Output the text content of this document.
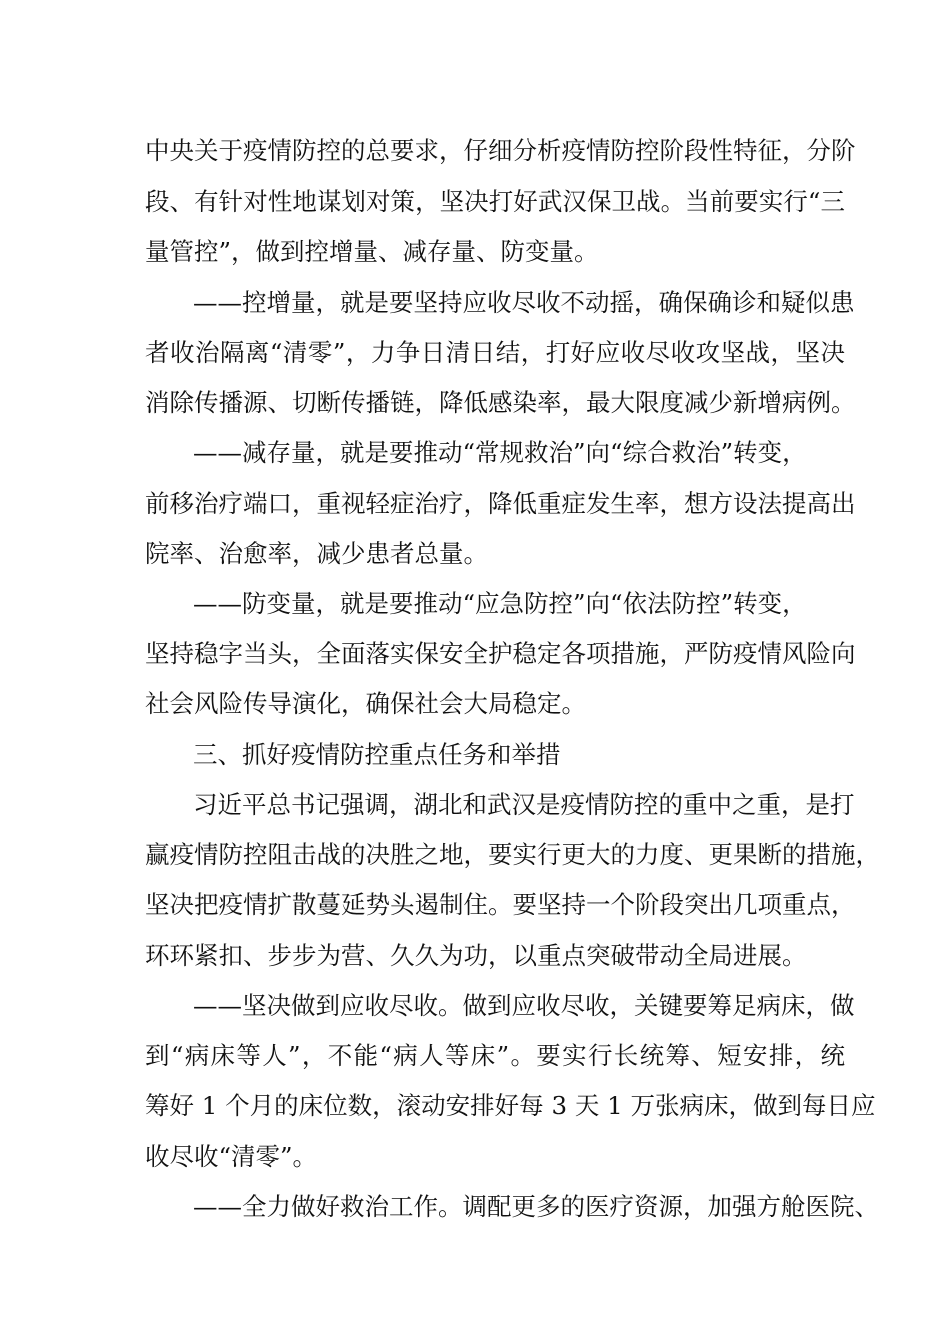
中央关于疫情防控的总要求，仔细分析疫情防控阶段性特征，分阶

段、有针对性地谋划对策，坚决打好武汉保卫战。当前要实行“三

量管控”，做到控增量、减存量、防变量。

——控增量，就是要坚持应收尽收不动摇，确保确诊和疑似患

者收治隔离“清零”，力争日清日结，打好应收尽收攻坚战，坚决

消除传播源、切断传播链，降低感染率，最大限度减少新增病例。

——减存量，就是要推动“常规救治”向“综合救治”转变，

前移治疗端口，重视轻症治疗，降低重症发生率，想方设法提高出

院率、治愈率，减少患者总量。

——防变量，就是要推动“应急防控”向“依法防控”转变，

坚持稳字当头，全面落实保安全护稳定各项措施，严防疫情风险向

社会风险传导演化，确保社会大局稳定。

三、抓好疫情防控重点任务和举措

习近平总书记强调，湖北和武汉是疫情防控的重中之重，是打

赢疫情防控阻击战的决胜之地，要实行更大的力度、更果断的措施，

坚决把疫情扩散蔓延势头遏制住。要坚持一个阶段突出几项重点，

环环紧扣、步步为营、久久为功，以重点突破带动全局进展。

——坚决做到应收尽收。做到应收尽收，关键要筹足病床，做

到“病床等人”，不能“病人等床”。要实行长统筹、短安排，统

筹好 1 个月的床位数，滚动安排好每 3 天 1 万张病床，做到每日应

收尽收“清零”。

——全力做好救治工作。调配更多的医疗资源，加强方舱医院、
